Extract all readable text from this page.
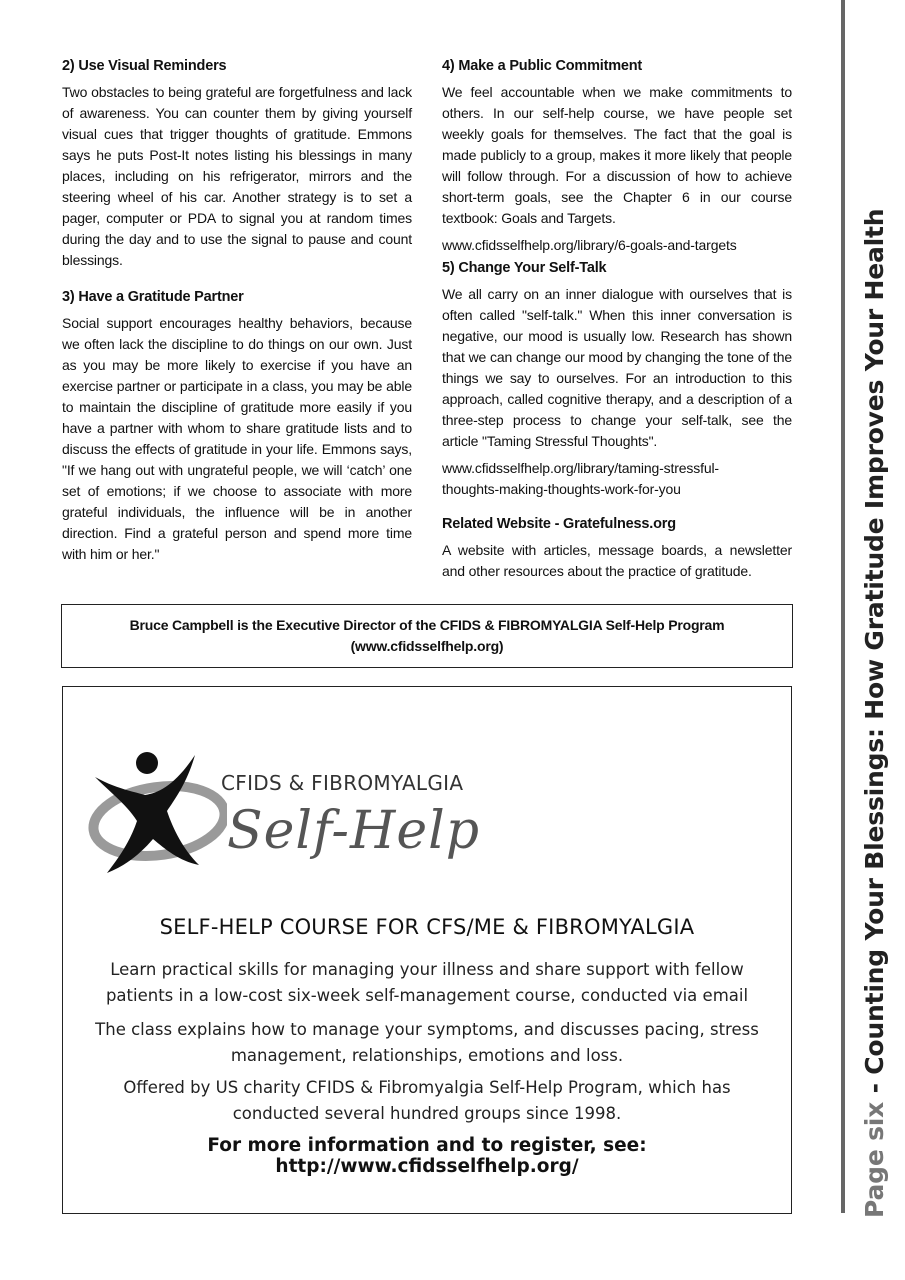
2) Use Visual Reminders

Two obstacles to being grateful are forgetfulness and lack of awareness. You can counter them by giving yourself visual cues that trigger thoughts of gratitude. Emmons says he puts Post-It notes listing his blessings in many places, including on his refrigerator, mirrors and the steering wheel of his car. Another strategy is to set a pager, computer or PDA to signal you at random times during the day and to use the signal to pause and count blessings.

3) Have a Gratitude Partner

Social support encourages healthy behaviors, because we often lack the discipline to do things on our own. Just as you may be more likely to exercise if you have an exercise partner or participate in a class, you may be able to maintain the discipline of gratitude more easily if you have a partner with whom to share gratitude lists and to discuss the effects of gratitude in your life. Emmons says, "If we hang out with ungrateful people, we will ‘catch’ one set of emotions; if we choose to associate with more grateful individuals, the influence will be in another direction. Find a grateful person and spend more time with him or her."

4) Make a Public Commitment

We feel accountable when we make commitments to others. In our self-help course, we have people set weekly goals for themselves. The fact that the goal is made publicly to a group, makes it more likely that people will follow through. For a discussion of how to achieve short-term goals, see the Chapter 6 in our course textbook: Goals and Targets.

www.cfidsselfhelp.org/library/6-goals-and-targets

5) Change Your Self-Talk

We all carry on an inner dialogue with ourselves that is often called "self-talk." When this inner conversation is negative, our mood is usually low. Research has shown that we can change our mood by changing the tone of the things we say to ourselves. For an introduction to this approach, called cognitive therapy, and a description of a three-step process to change your self-talk, see the article "Taming Stressful Thoughts".

www.cfidsselfhelp.org/library/taming-stressful-
thoughts-making-thoughts-work-for-you

Related Website - Gratefulness.org

A website with articles, message boards, a newsletter and other resources about the practice of gratitude.

Bruce Campbell is the Executive Director of the CFIDS & FIBROMYALGIA Self-Help Program
(www.cfidsselfhelp.org)
CFIDS & FIBROMYALGIA
Self-Help
SELF-HELP COURSE FOR CFS/ME & FIBROMYALGIA
Learn practical skills for managing your illness and share support with fellow
patients in a low-cost six-week self-management course, conducted via email
The class explains how to manage your symptoms, and discusses pacing, stress
management, relationships, emotions and loss.
Offered by US charity CFIDS & Fibromyalgia Self-Help Program, which has
conducted several hundred groups since 1998.
For more information and to register, see: http://www.cfidsselfhelp.org/	Page six - Counting Your Blessings: How Gratitude Improves Your Health
